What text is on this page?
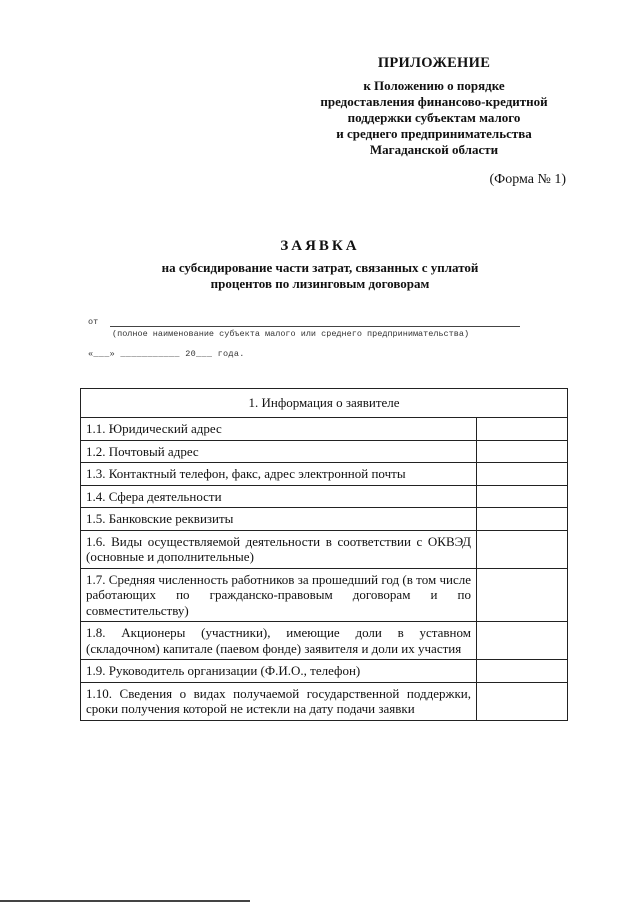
ПРИЛОЖЕНИЕ
к Положению о порядке
предоставления финансово-кредитной
поддержки субъектам малого
и среднего предпринимательства
Магаданской области
(Форма № 1)
ЗАЯВКА
на субсидирование части затрат, связанных с уплатой
процентов по лизинговым договорам
от
(полное наименование субъекта малого или среднего предпринимательства)
«___» ___________ 20___ года.
1. Информация о заявителе	
1.1. Юридический адрес	
1.2. Почтовый адрес	
1.3. Контактный телефон, факс, адрес электронной почты	
1.4. Сфера деятельности	
1.5. Банковские реквизиты	
1.6. Виды осуществляемой деятельности в соответствии с ОКВЭД (основные и дополнительные)	
1.7. Средняя численность работников за прошедший год (в том числе работающих по гражданско-правовым договорам и по совместительству)	
1.8. Акционеры (участники), имеющие доли в уставном (складочном) капитале (паевом фонде) заявителя и доли их участия	
1.9. Руководитель организации (Ф.И.О., телефон)	
1.10. Сведения о видах получаемой государственной поддержки, сроки получения которой не истекли на дату подачи заявки	
